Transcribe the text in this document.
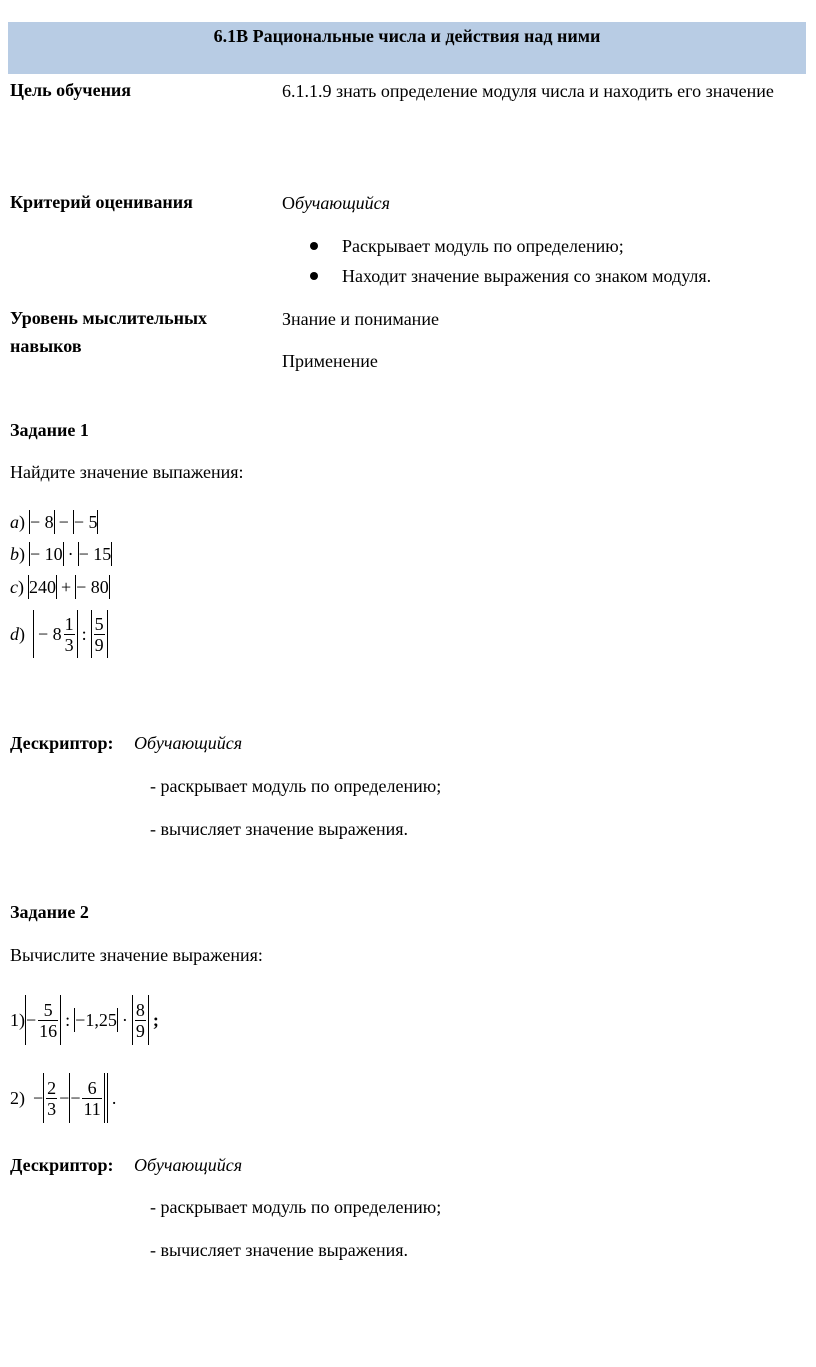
6.1В Рациональные числа и действия над ними
Цель обучения	6.1.1.9 знать определение модуля числа и находить его значение
Критерий оценивания	Обучающийся
Раскрывает модуль по определению;
Находит значение выражения со знаком модуля.
Уровень мыслительных
навыков
Знание и понимание
Применение
Задание 1
Найдите значение выпажения:
a ) − 8 − − 5
b ) − 10 · − 15
c ) 240 + − 80
d ) − $8 \frac{1}{3}$ : $\frac{5}{9}$
Дескриптор: Обучающийся
- раскрывает модуль по определению;
- вычисляет значение выражения.
Задание 2
Вычислите значение выражения:
$1) - \frac{5}{16}$ : $-1,25 \cdot \frac{8}{9}$ ;
$2) - \frac{2}{3}$ − − $\frac{6}{11}$ .
Дескриптор: Обучающийся
- раскрывает модуль по определению;
- вычисляет значение выражения.
